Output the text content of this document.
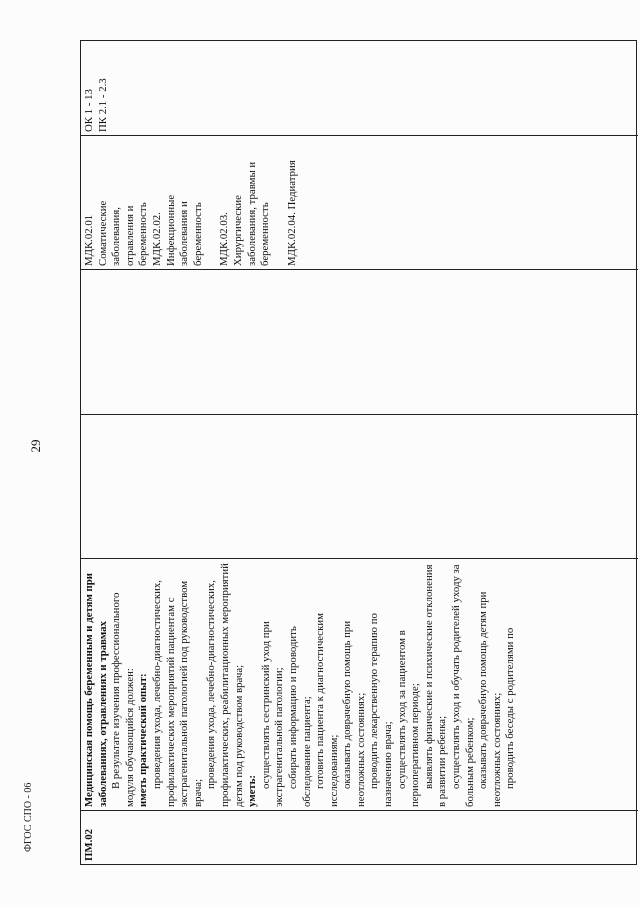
29
ПМ.02
Медицинская помощь беременным и детям при заболеваниях, отравлениях и травмах В результате изучения профессионального модуля обучающийся должен: иметь практический опыт: проведения ухода, лечебно-диагностических, профилактических мероприятий пациентам с экстрагенитальной патологией под руководством врача;
проведения ухода, лечебно-диагностических, профилактических, реабилитационных мероприятий детям под руководством врача; уметь:
осуществлять сестринский уход при экстрагенитальной патологии; собирать информацию и проводить обследование пациента; готовить пациента к диагностическим исследованиям; оказывать доврачебную помощь при неотложных состояниях; проводить лекарственную терапию по назначению врача; осуществлять уход за пациентом в периоперативном периоде; выявлять физические и психические отклонения в развитии ребенка; осуществлять уход и обучать родителей уходу за больным ребенком; оказывать доврачебную помощь детям при неотложных состояниях; проводить беседы с родителями по
МДК.02.01 Соматические заболевания, отравления и беременность МДК.02.02. Инфекционные заболевания и беременность МДК.02.03. Хирургические заболевания, травмы и беременность МДК.02.04. Педиатрия
ОК 1 - 13 ПК 2.1 - 2.3
ФГОС СПО - 06
